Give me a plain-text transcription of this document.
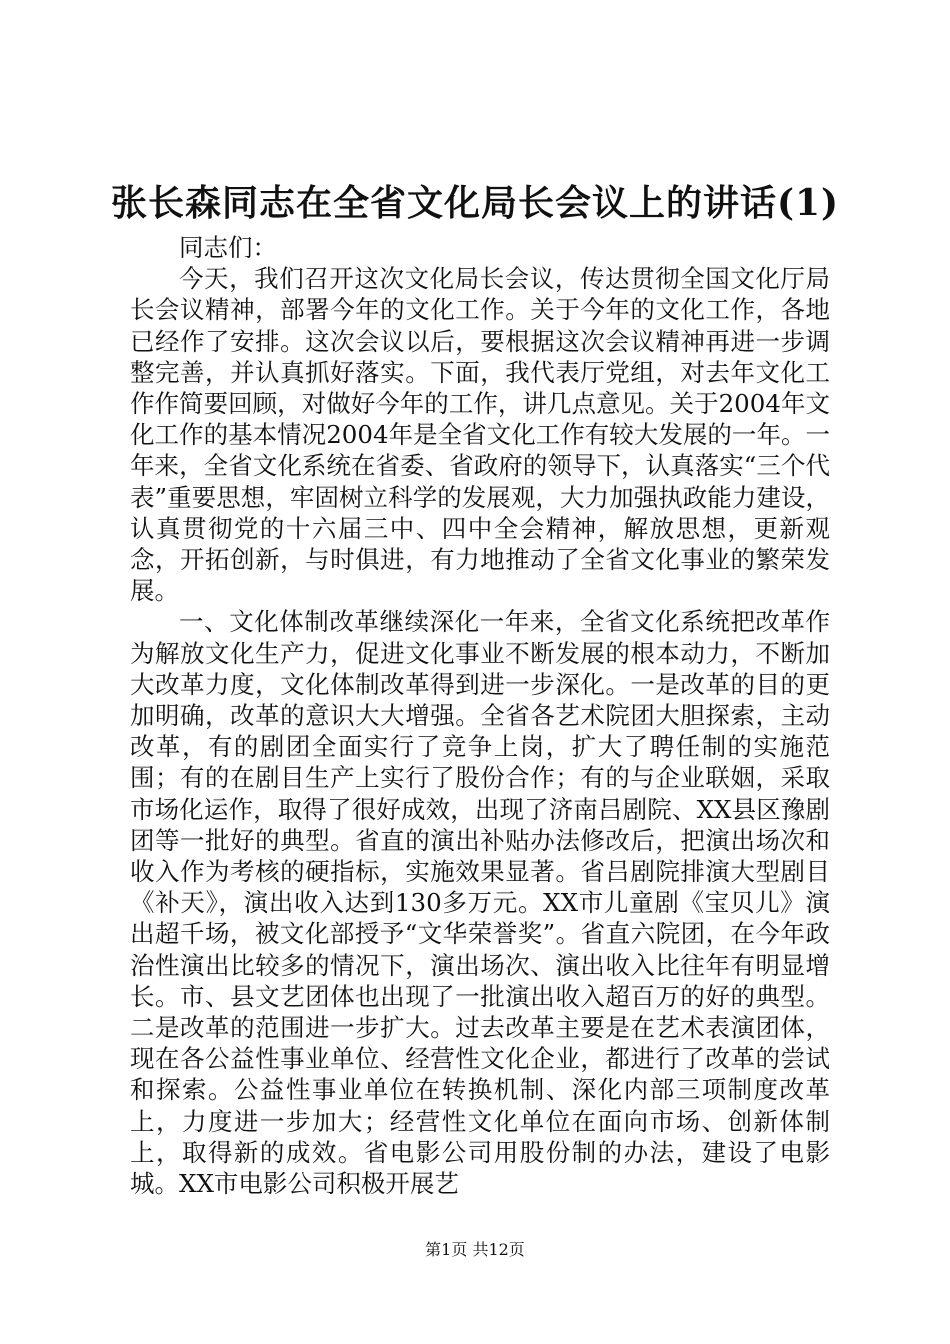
张长森同志在全省文化局长会议上的讲话(1)

同志们：

今天，我们召开这次文化局长会议，传达贯彻全国文化厅局长会议精神，部署今年的文化工作。关于今年的文化工作，各地已经作了安排。这次会议以后，要根据这次会议精神再进一步调整完善，并认真抓好落实。下面，我代表厅党组，对去年文化工作作简要回顾，对做好今年的工作，讲几点意见。关于2004年文化工作的基本情况2004年是全省文化工作有较大发展的一年。一年来，全省文化系统在省委、省政府的领导下，认真落实“三个代表”重要思想，牢固树立科学的发展观，大力加强执政能力建设，认真贯彻党的十六届三中、四中全会精神，解放思想，更新观念，开拓创新，与时俱进，有力地推动了全省文化事业的繁荣发展。

一、文化体制改革继续深化一年来，全省文化系统把改革作为解放文化生产力，促进文化事业不断发展的根本动力，不断加大改革力度，文化体制改革得到进一步深化。一是改革的目的更加明确，改革的意识大大增强。全省各艺术院团大胆探索，主动改革，有的剧团全面实行了竞争上岗，扩大了聘任制的实施范围；有的在剧目生产上实行了股份合作；有的与企业联姻，采取市场化运作，取得了很好成效，出现了济南吕剧院、XX县区豫剧团等一批好的典型。省直的演出补贴办法修改后，把演出场次和收入作为考核的硬指标，实施效果显著。省吕剧院排演大型剧目《补天》，演出收入达到130多万元。XX市儿童剧《宝贝儿》演出超千场，被文化部授予“文华荣誉奖”。省直六院团，在今年政治性演出比较多的情况下，演出场次、演出收入比往年有明显增长。市、县文艺团体也出现了一批演出收入超百万的好的典型。二是改革的范围进一步扩大。过去改革主要是在艺术表演团体，现在各公益性事业单位、经营性文化企业，都进行了改革的尝试和探索。公益性事业单位在转换机制、深化内部三项制度改革上，力度进一步加大；经营性文化单位在面向市场、创新体制上，取得新的成效。省电影公司用股份制的办法，建设了电影城。XX市电影公司积极开展艺

第1页 共12页
